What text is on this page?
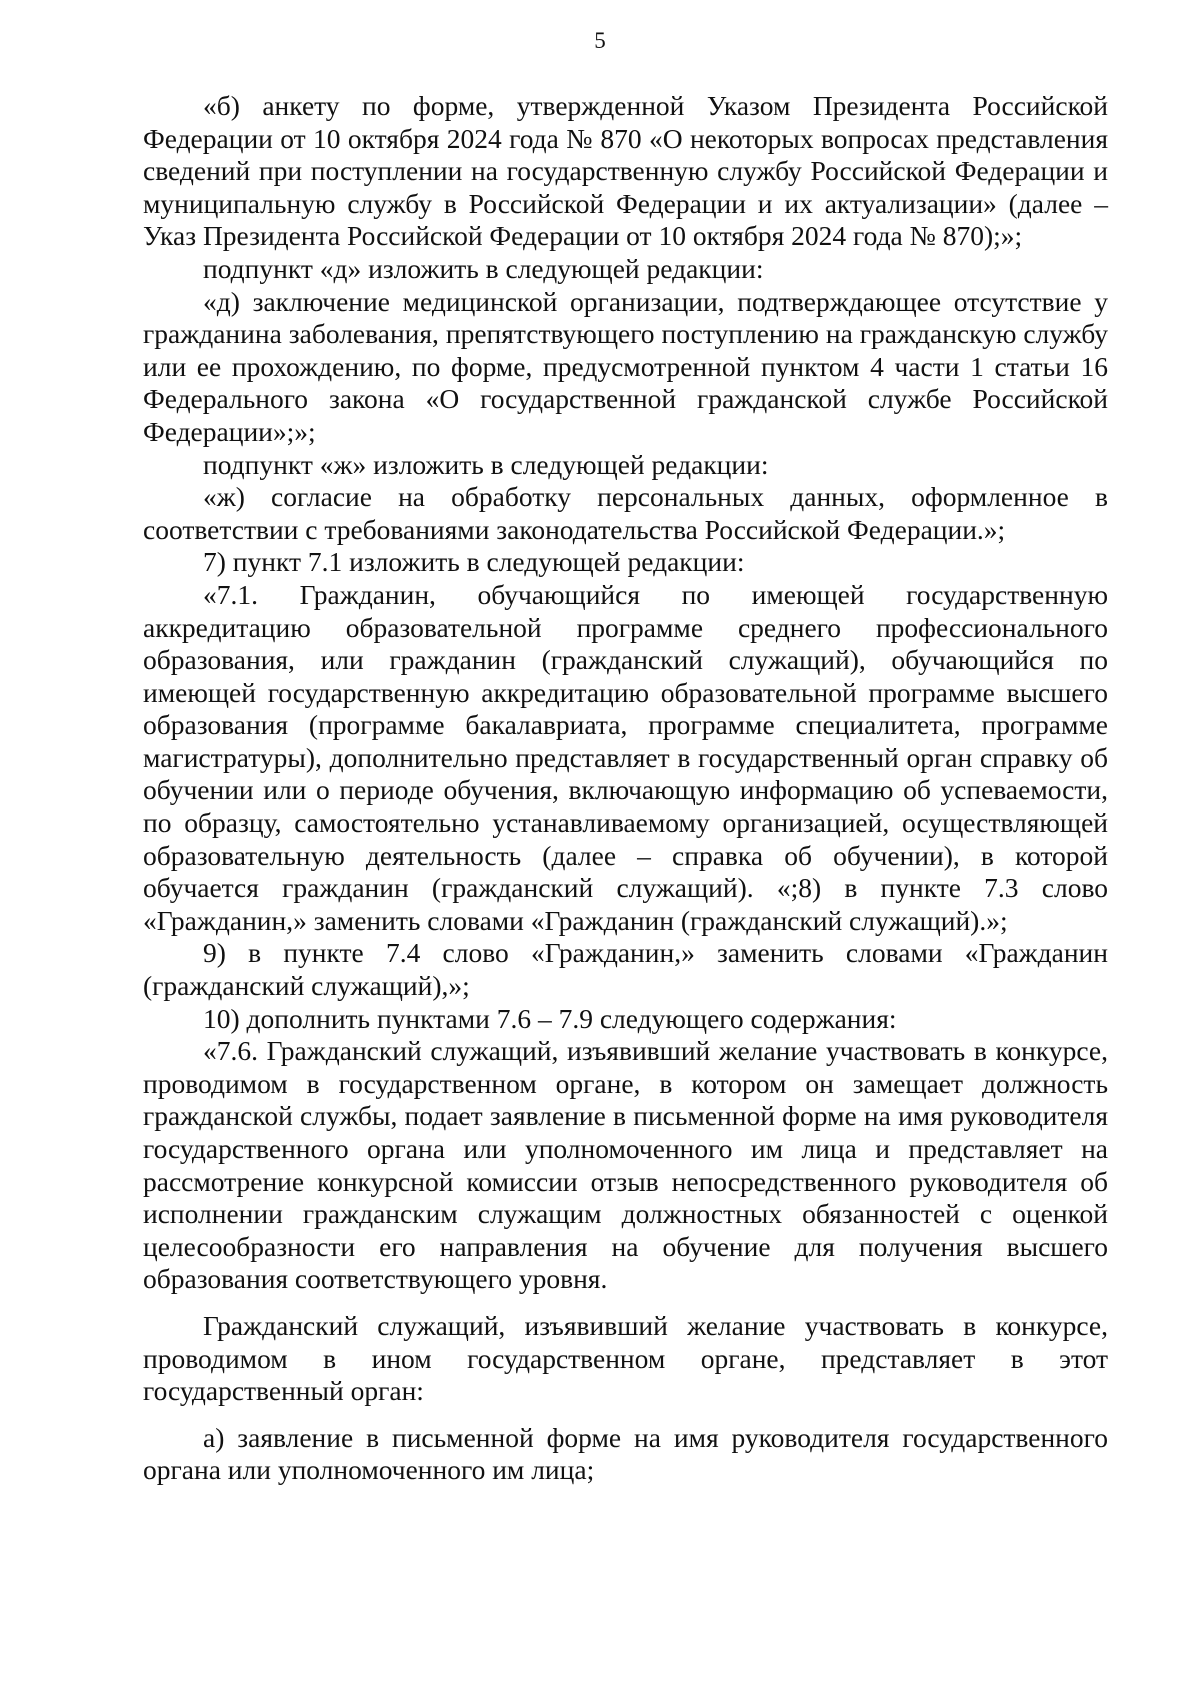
5

«б) анкету по форме, утвержденной Указом Президента Российской Федерации от 10 октября 2024 года № 870 «О некоторых вопросах представления сведений при поступлении на государственную службу Российской Федерации и муниципальную службу в Российской Федерации и их актуализации» (далее – Указ Президента Российской Федерации от 10 октября 2024 года № 870);»;

подпункт «д» изложить в следующей редакции:

«д) заключение медицинской организации, подтверждающее отсутствие у гражданина заболевания, препятствующего поступлению на гражданскую службу или ее прохождению, по форме, предусмотренной пунктом 4 части 1 статьи 16 Федерального закона «О государственной гражданской службе Российской Федерации»;»;

подпункт «ж» изложить в следующей редакции:

«ж) согласие на обработку персональных данных, оформленное в соответствии с требованиями законодательства Российской Федерации.»;

7) пункт 7.1 изложить в следующей редакции:

«7.1. Гражданин, обучающийся по имеющей государственную аккредитацию образовательной программе среднего профессионального образования, или гражданин (гражданский служащий), обучающийся по имеющей государственную аккредитацию образовательной программе высшего образования (программе бакалавриата, программе специалитета, программе магистратуры), дополнительно представляет в государственный орган справку об обучении или о периоде обучения, включающую информацию об успеваемости, по образцу, самостоятельно устанавливаемому организацией, осуществляющей образовательную деятельность (далее – справка об обучении), в которой обучается гражданин (гражданский служащий). «;8) в пункте 7.3 слово «Гражданин,» заменить словами «Гражданин (гражданский служащий).»;

9) в пункте 7.4 слово «Гражданин,» заменить словами «Гражданин (гражданский служащий),»;

10) дополнить пунктами 7.6 – 7.9 следующего содержания:

«7.6. Гражданский служащий, изъявивший желание участвовать в конкурсе, проводимом в государственном органе, в котором он замещает должность гражданской службы, подает заявление в письменной форме на имя руководителя государственного органа или уполномоченного им лица и представляет на рассмотрение конкурсной комиссии отзыв непосредственного руководителя об исполнении гражданским служащим должностных обязанностей с оценкой целесообразности его направления на обучение для получения высшего образования соответствующего уровня.

Гражданский служащий, изъявивший желание участвовать в конкурсе, проводимом в ином государственном органе, представляет в этот государственный орган:

а) заявление в письменной форме на имя руководителя государственного органа или уполномоченного им лица;
